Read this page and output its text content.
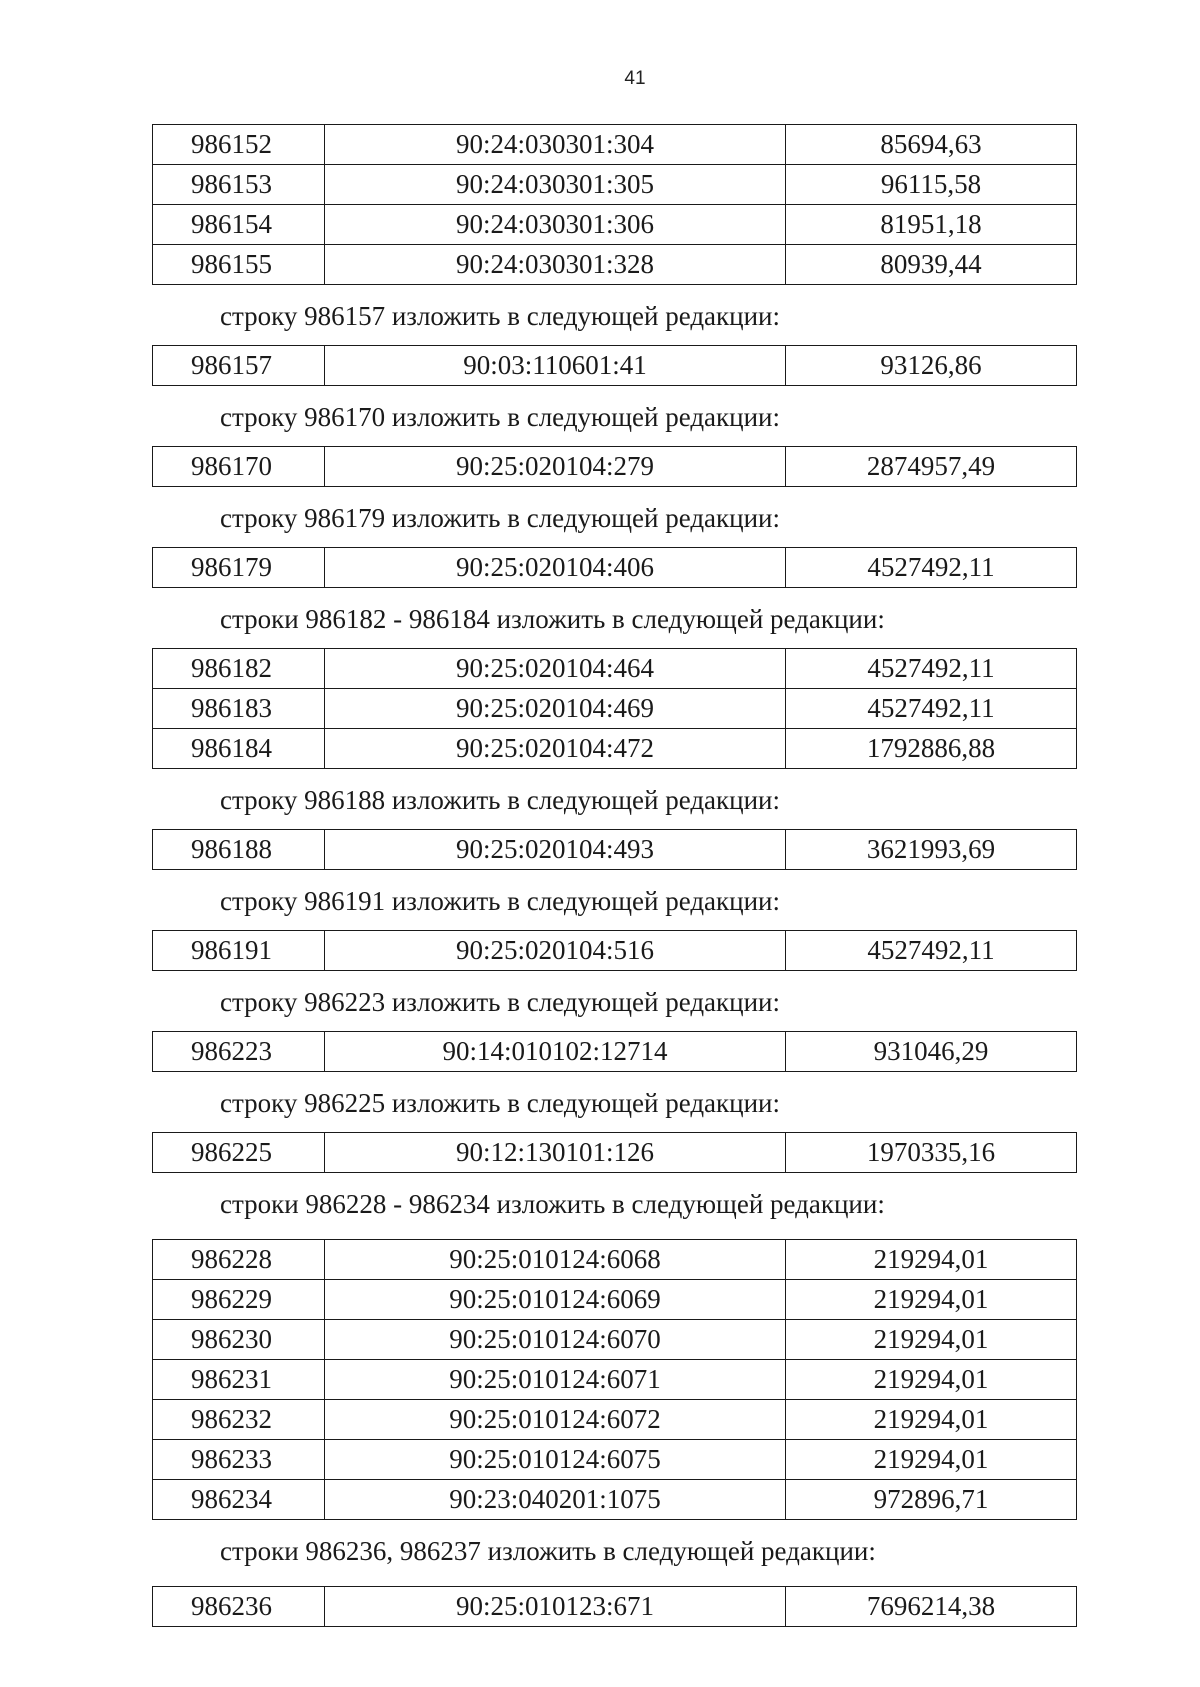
41
986152	90:24:030301:304	85694,63
986153	90:24:030301:305	96115,58
986154	90:24:030301:306	81951,18
986155	90:24:030301:328	80939,44
строку 986157 изложить в следующей редакции:
986157	90:03:110601:41	93126,86
строку 986170 изложить в следующей редакции:
986170	90:25:020104:279	2874957,49
строку 986179 изложить в следующей редакции:
986179	90:25:020104:406	4527492,11
строки 986182 - 986184 изложить в следующей редакции:
986182	90:25:020104:464	4527492,11
986183	90:25:020104:469	4527492,11
986184	90:25:020104:472	1792886,88
строку 986188 изложить в следующей редакции:
986188	90:25:020104:493	3621993,69
строку 986191 изложить в следующей редакции:
986191	90:25:020104:516	4527492,11
строку 986223 изложить в следующей редакции:
986223	90:14:010102:12714	931046,29
строку 986225 изложить в следующей редакции:
986225	90:12:130101:126	1970335,16
строки 986228 - 986234 изложить в следующей редакции:
986228	90:25:010124:6068	219294,01
986229	90:25:010124:6069	219294,01
986230	90:25:010124:6070	219294,01
986231	90:25:010124:6071	219294,01
986232	90:25:010124:6072	219294,01
986233	90:25:010124:6075	219294,01
986234	90:23:040201:1075	972896,71
строки 986236, 986237 изложить в следующей редакции:
986236	90:25:010123:671	7696214,38
